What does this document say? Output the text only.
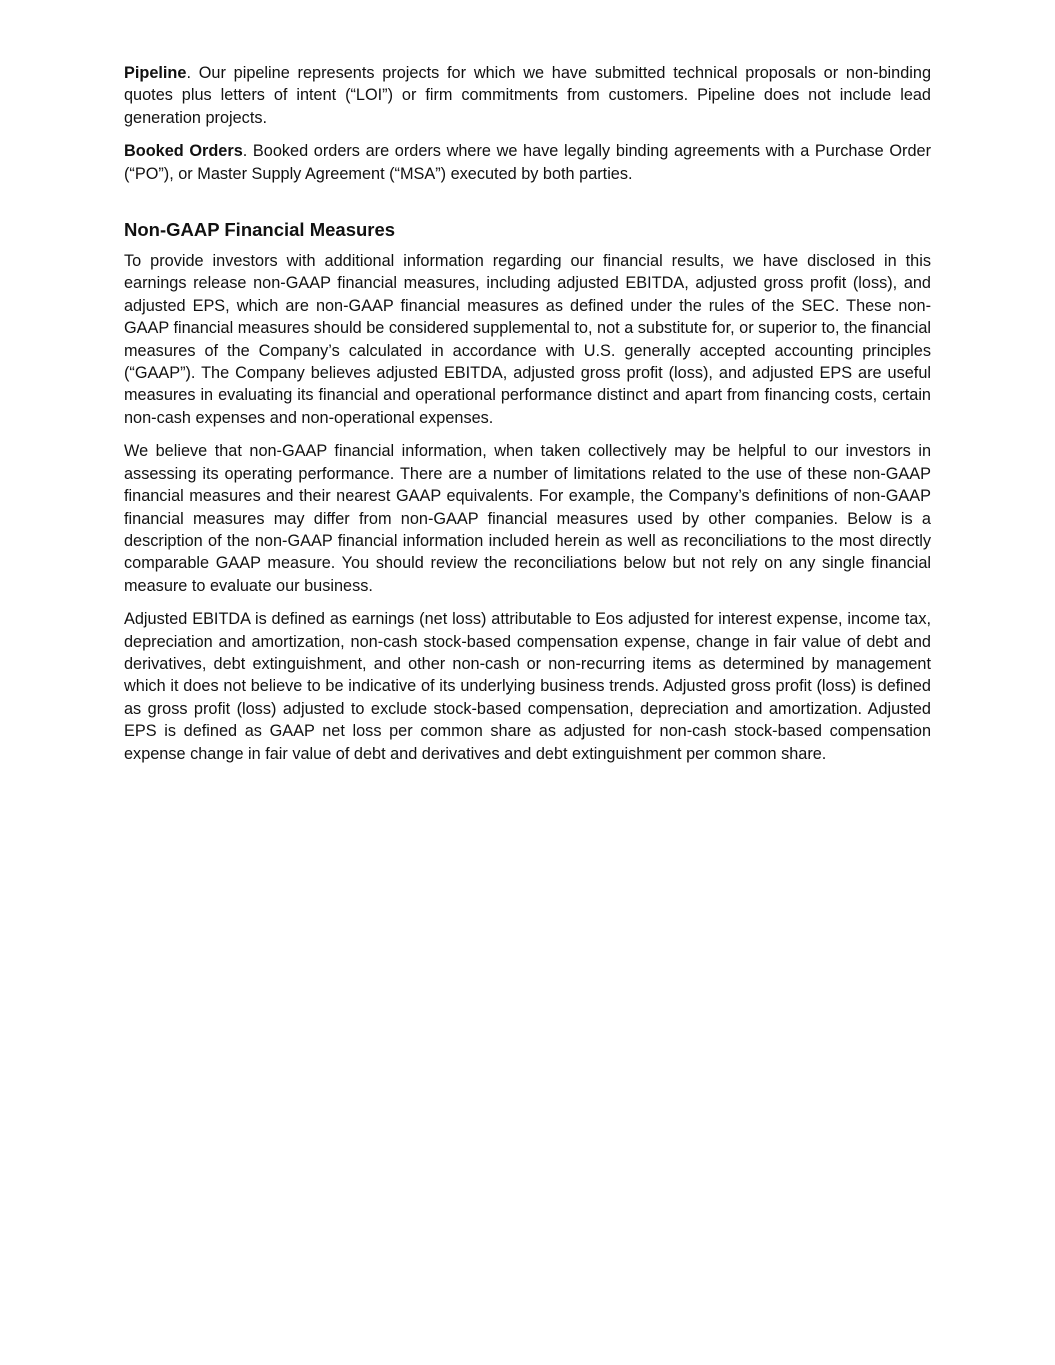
Pipeline. Our pipeline represents projects for which we have submitted technical proposals or non-binding quotes plus letters of intent (“LOI”) or firm commitments from customers. Pipeline does not include lead generation projects.

Booked Orders. Booked orders are orders where we have legally binding agreements with a Purchase Order (“PO”), or Master Supply Agreement (“MSA”) executed by both parties.

Non-GAAP Financial Measures

To provide investors with additional information regarding our financial results, we have disclosed in this earnings release non-GAAP financial measures, including adjusted EBITDA, adjusted gross profit (loss), and adjusted EPS, which are non-GAAP financial measures as defined under the rules of the SEC. These non-GAAP financial measures should be considered supplemental to, not a substitute for, or superior to, the financial measures of the Company’s calculated in accordance with U.S. generally accepted accounting principles (“GAAP”). The Company believes adjusted EBITDA, adjusted gross profit (loss), and adjusted EPS are useful measures in evaluating its financial and operational performance distinct and apart from financing costs, certain non-cash expenses and non-operational expenses.

We believe that non-GAAP financial information, when taken collectively may be helpful to our investors in assessing its operating performance. There are a number of limitations related to the use of these non-GAAP financial measures and their nearest GAAP equivalents. For example, the Company’s definitions of non-GAAP financial measures may differ from non-GAAP financial measures used by other companies. Below is a description of the non-GAAP financial information included herein as well as reconciliations to the most directly comparable GAAP measure. You should review the reconciliations below but not rely on any single financial measure to evaluate our business.

Adjusted EBITDA is defined as earnings (net loss) attributable to Eos adjusted for interest expense, income tax, depreciation and amortization, non-cash stock-based compensation expense, change in fair value of debt and derivatives, debt extinguishment, and other non-cash or non-recurring items as determined by management which it does not believe to be indicative of its underlying business trends. Adjusted gross profit (loss) is defined as gross profit (loss) adjusted to exclude stock-based compensation, depreciation and amortization. Adjusted EPS is defined as GAAP net loss per common share as adjusted for non-cash stock-based compensation expense change in fair value of debt and derivatives and debt extinguishment per common share.
